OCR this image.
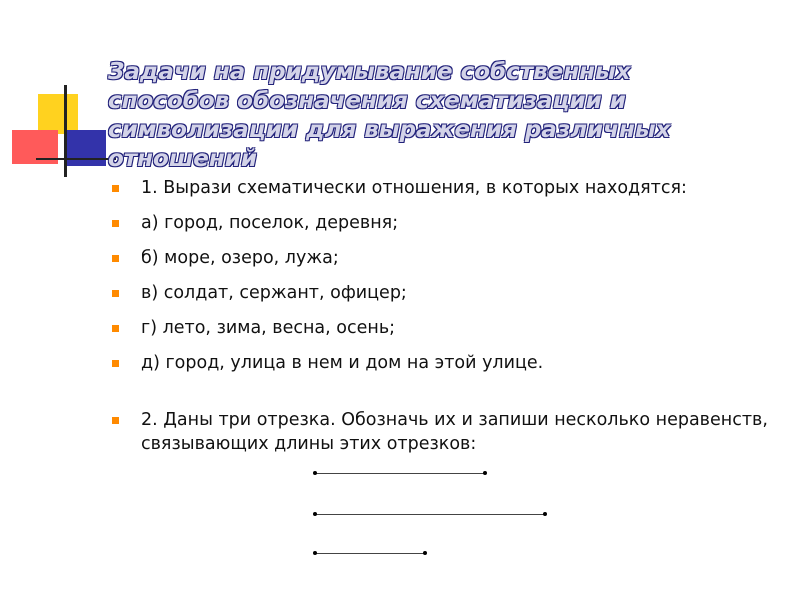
Задачи на придумывание собственных способов обозначения схематизации и символизации для выражения различных отношений
1. Вырази схематически отношения, в которых находятся:
а) город, поселок, деревня;
б) море, озеро, лужа;
в) солдат, сержант, офицер;
г) лето, зима, весна, осень;
д) город, улица в нем и дом на этой улице.
2. Даны три отрезка. Обозначь их и запиши несколько неравенств, связывающих длины этих отрезков:
